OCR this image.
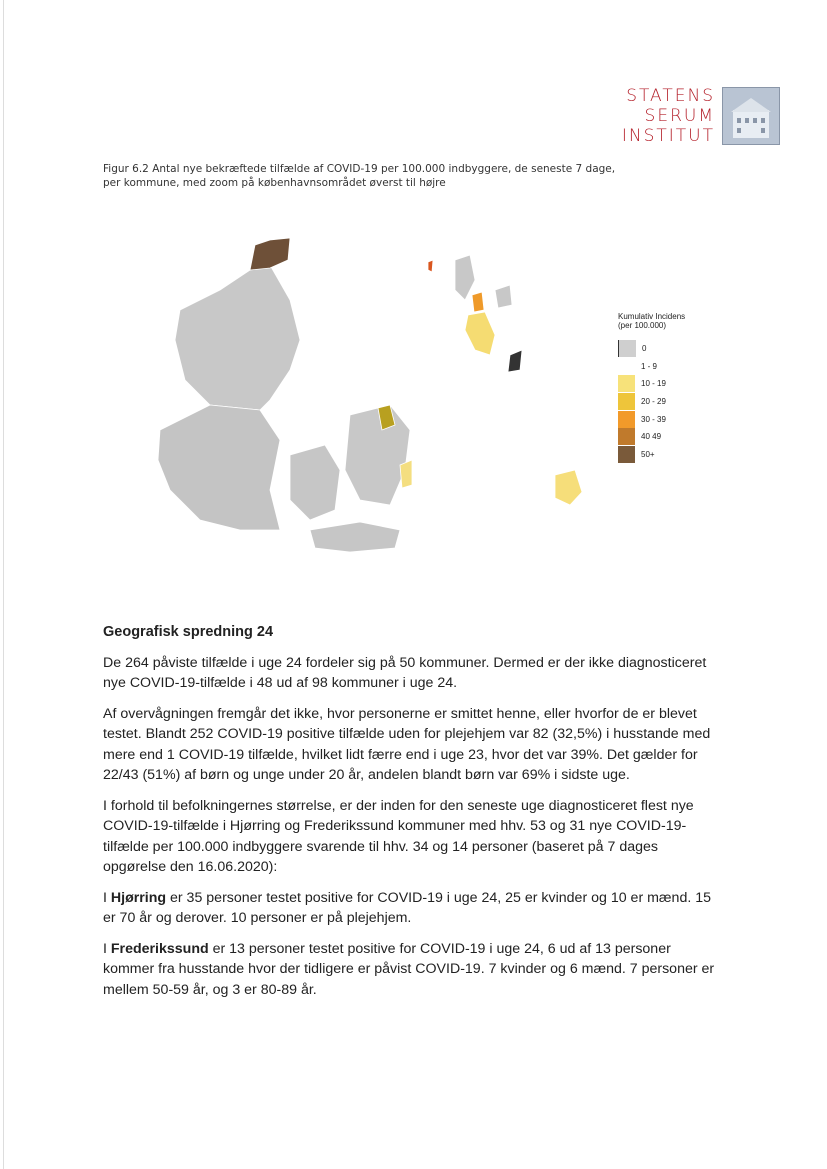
STATENS
SERUM
INSTITUT
Figur 6.2 Antal nye bekræftede tilfælde af COVID-19 per 100.000 indbyggere, de seneste 7 dage, per kommune, med zoom på københavnsområdet øverst til højre
Kumulativ Incidens (per 100.000)
0
1 - 9
10 - 19
20 - 29
30 - 39
40 49
50+
Geografisk spredning 24

De 264 påviste tilfælde i uge 24 fordeler sig på 50 kommuner. Dermed er der ikke diagnosticeret nye COVID-19-tilfælde i 48 ud af 98 kommuner i uge 24.

Af overvågningen fremgår det ikke, hvor personerne er smittet henne, eller hvorfor de er blevet testet. Blandt 252 COVID-19 positive tilfælde uden for plejehjem var 82 (32,5%) i husstande med mere end 1 COVID-19 tilfælde, hvilket lidt færre end i uge 23, hvor det var 39%. Det gælder for 22/43 (51%) af børn og unge under 20 år, andelen blandt børn var 69% i sidste uge.

I forhold til befolkningernes størrelse, er der inden for den seneste uge diagnosticeret flest nye COVID-19-tilfælde i Hjørring og Frederikssund kommuner med hhv. 53 og 31 nye COVID-19-tilfælde per 100.000 indbyggere svarende til hhv. 34 og 14 personer (baseret på 7 dages opgørelse den 16.06.2020):

I Hjørring er 35 personer testet positive for COVID-19 i uge 24, 25 er kvinder og 10 er mænd. 15 er 70 år og derover. 10 personer er på plejehjem.

I Frederikssund er 13 personer testet positive for COVID-19 i uge 24, 6 ud af 13 personer kommer fra husstande hvor der tidligere er påvist COVID-19. 7 kvinder og 6 mænd. 7 personer er mellem 50-59 år, og 3 er 80-89 år.
